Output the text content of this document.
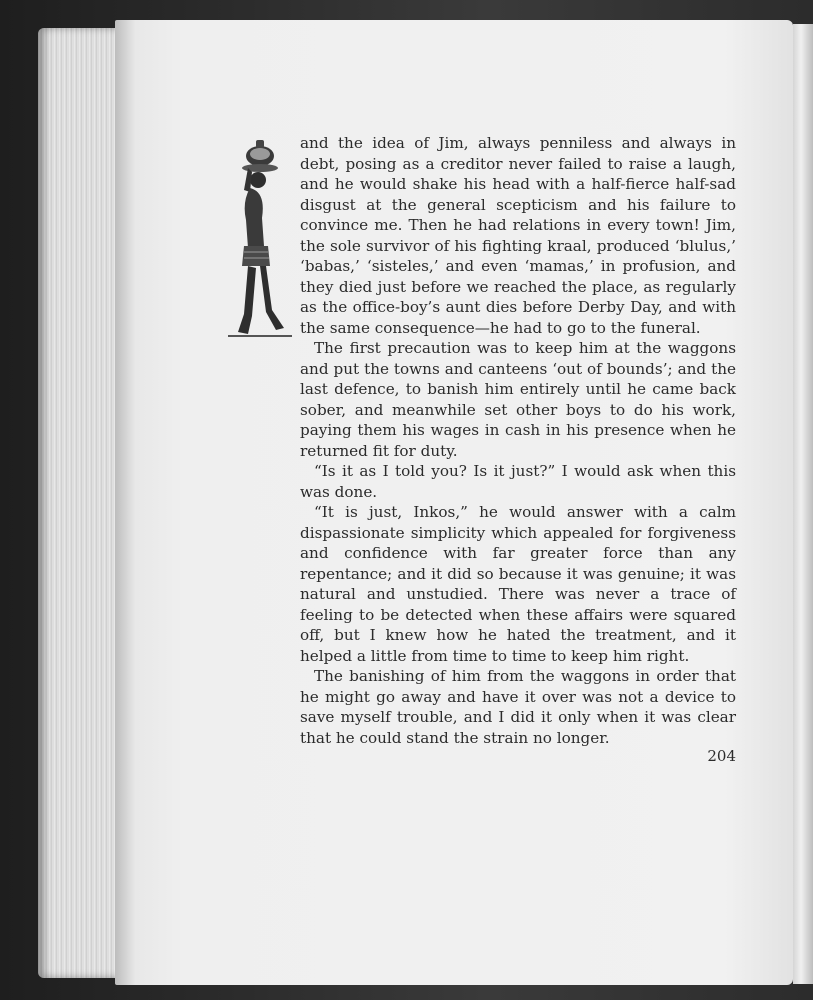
and the idea of Jim, always penniless and always in debt, posing as a creditor never failed to raise a laugh, and he would shake his head with a half-fierce half-sad disgust at the general scepticism and his failure to convince me. Then he had relations in every town! Jim, the sole survivor of his fighting kraal, produced ‘blulus,’ ‘babas,’ ‘sisteles,’ and even ‘mamas,’ in profusion, and they died just before we reached the place, as regularly as the office-boy’s aunt dies before Derby Day, and with the same consequence—he had to go to the funeral.

The first precaution was to keep him at the waggons and put the towns and canteens ‘out of bounds’; and the last defence, to banish him entirely until he came back sober, and meanwhile set other boys to do his work, paying them his wages in cash in his presence when he returned fit for duty.

“Is it as I told you? Is it just?” I would ask when this was done.

“It is just, Inkos,” he would answer with a calm dispassionate simplicity which appealed for forgiveness and confidence with far greater force than any repentance; and it did so because it was genuine; it was natural and unstudied. There was never a trace of feeling to be detected when these affairs were squared off, but I knew how he hated the treatment, and it helped a little from time to time to keep him right.

The banishing of him from the waggons in order that he might go away and have it over was not a device to save myself trouble, and I did it only when it was clear that he could stand the strain no longer.

204
